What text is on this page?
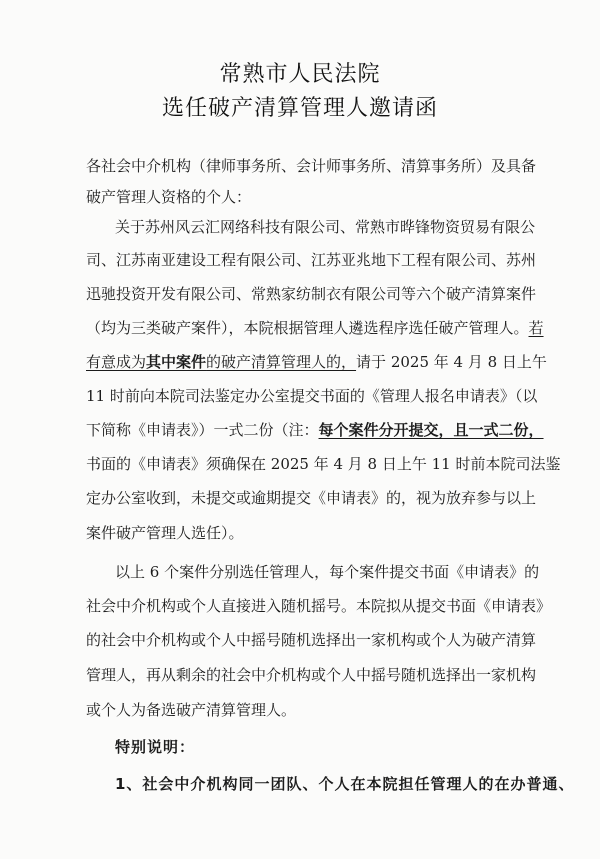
常熟市人民法院
选任破产清算管理人邀请函
各社会中介机构（律师事务所、会计师事务所、清算事务所）及具备
破产管理人资格的个人：
关于苏州风云汇网络科技有限公司、常熟市晔锋物资贸易有限公
司、江苏南亚建设工程有限公司、江苏亚兆地下工程有限公司、苏州
迅驰投资开发有限公司、常熟家纺制衣有限公司等六个破产清算案件
（均为三类破产案件），本院根据管理人遴选程序选任破产管理人。若
有意成为其中案件的破产清算管理人的，请于 2025 年 4 月 8 日上午
11 时前向本院司法鉴定办公室提交书面的《管理人报名申请表》（以
下简称《申请表》）一式二份（注：每个案件分开提交，且一式二份，
书面的《申请表》须确保在 2025 年 4 月 8 日上午 11 时前本院司法鉴
定办公室收到，未提交或逾期提交《申请表》的，视为放弃参与以上
案件破产管理人选任）。
以上 6 个案件分别选任管理人，每个案件提交书面《申请表》的
社会中介机构或个人直接进入随机摇号。本院拟从提交书面《申请表》
的社会中介机构或个人中摇号随机选择出一家机构或个人为破产清算
管理人，再从剩余的社会中介机构或个人中摇号随机选择出一家机构
或个人为备选破产清算管理人。
特别说明：
1、社会中介机构同一团队、个人在本院担任管理人的在办普通、
